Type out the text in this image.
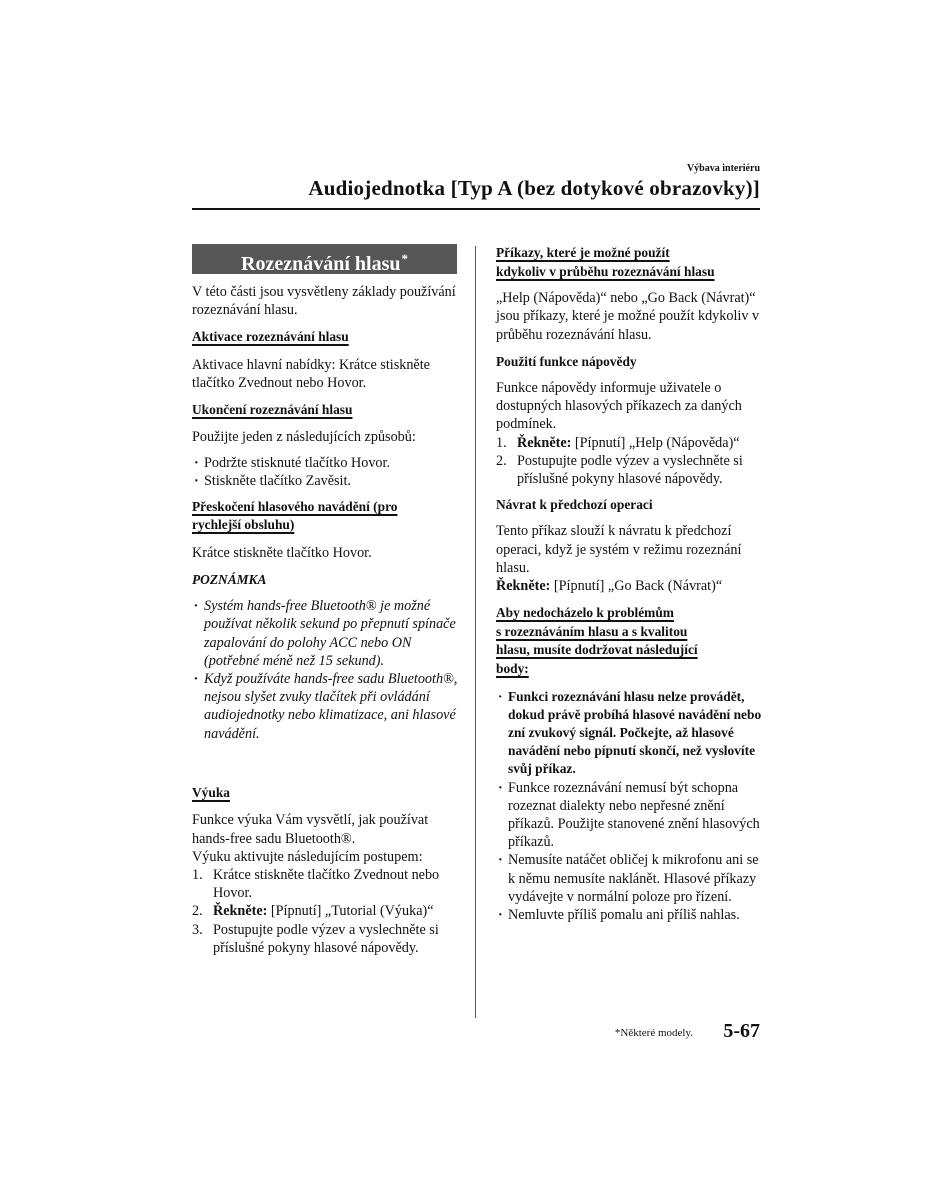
Výbava interiéru
Audiojednotka [Typ A (bez dotykové obrazovky)]
Rozeznávání hlasu*

V této části jsou vysvětleny základy používání rozeznávání hlasu.

Aktivace rozeznávání hlasu

Aktivace hlavní nabídky: Krátce stiskněte tlačítko Zvednout nebo Hovor.

Ukončení rozeznávání hlasu

Použijte jeden z následujících způsobů:

· Podržte stisknuté tlačítko Hovor.
· Stiskněte tlačítko Zavěsit.

Přeskočení hlasového navádění (pro
rychlejší obsluhu)

Krátce stiskněte tlačítko Hovor.

POZNÁMKA

· Systém hands-free Bluetooth® je možné používat několik sekund po přepnutí spínače zapalování do polohy ACC nebo ON (potřebné méně než 15 sekund).
· Když používáte hands-free sadu Bluetooth®, nejsou slyšet zvuky tlačítek při ovládání audiojednotky nebo klimatizace, ani hlasové navádění.

Výuka

Funkce výuka Vám vysvětlí, jak používat hands-free sadu Bluetooth®.

Výuku aktivujte následujícím postupem:

1. Krátce stiskněte tlačítko Zvednout nebo Hovor.
2. Řekněte: [Pípnutí] „Tutorial (Výuka)“
3. Postupujte podle výzev a vyslechněte si příslušné pokyny hlasové nápovědy.

Příkazy, které je možné použít
kdykoliv v průběhu rozeznávání hlasu

„Help (Nápověda)“ nebo „Go Back (Návrat)“ jsou příkazy, které je možné použít kdykoliv v průběhu rozeznávání hlasu.

Použití funkce nápovědy

Funkce nápovědy informuje uživatele o dostupných hlasových příkazech za daných podmínek.

1. Řekněte: [Pípnutí] „Help (Nápověda)“
2. Postupujte podle výzev a vyslechněte si příslušné pokyny hlasové nápovědy.

Návrat k předchozí operaci

Tento příkaz slouží k návratu k předchozí operaci, když je systém v režimu rozeznání hlasu.

Řekněte: [Pípnutí] „Go Back (Návrat)“

Aby nedocházelo k problémům
s rozeznáváním hlasu a s kvalitou
hlasu, musíte dodržovat následující
body:

· Funkci rozeznávání hlasu nelze provádět, dokud právě probíhá hlasové navádění nebo zní zvukový signál. Počkejte, až hlasové navádění nebo pípnutí skončí, než vyslovíte svůj příkaz.
· Funkce rozeznávání nemusí být schopna rozeznat dialekty nebo nepřesné znění příkazů. Použijte stanovené znění hlasových příkazů.
· Nemusíte natáčet obličej k mikrofonu ani se k němu nemusíte naklánět. Hlasové příkazy vydávejte v normální poloze pro řízení.
· Nemluvte příliš pomalu ani příliš nahlas.
*Některé modely.	5-67
